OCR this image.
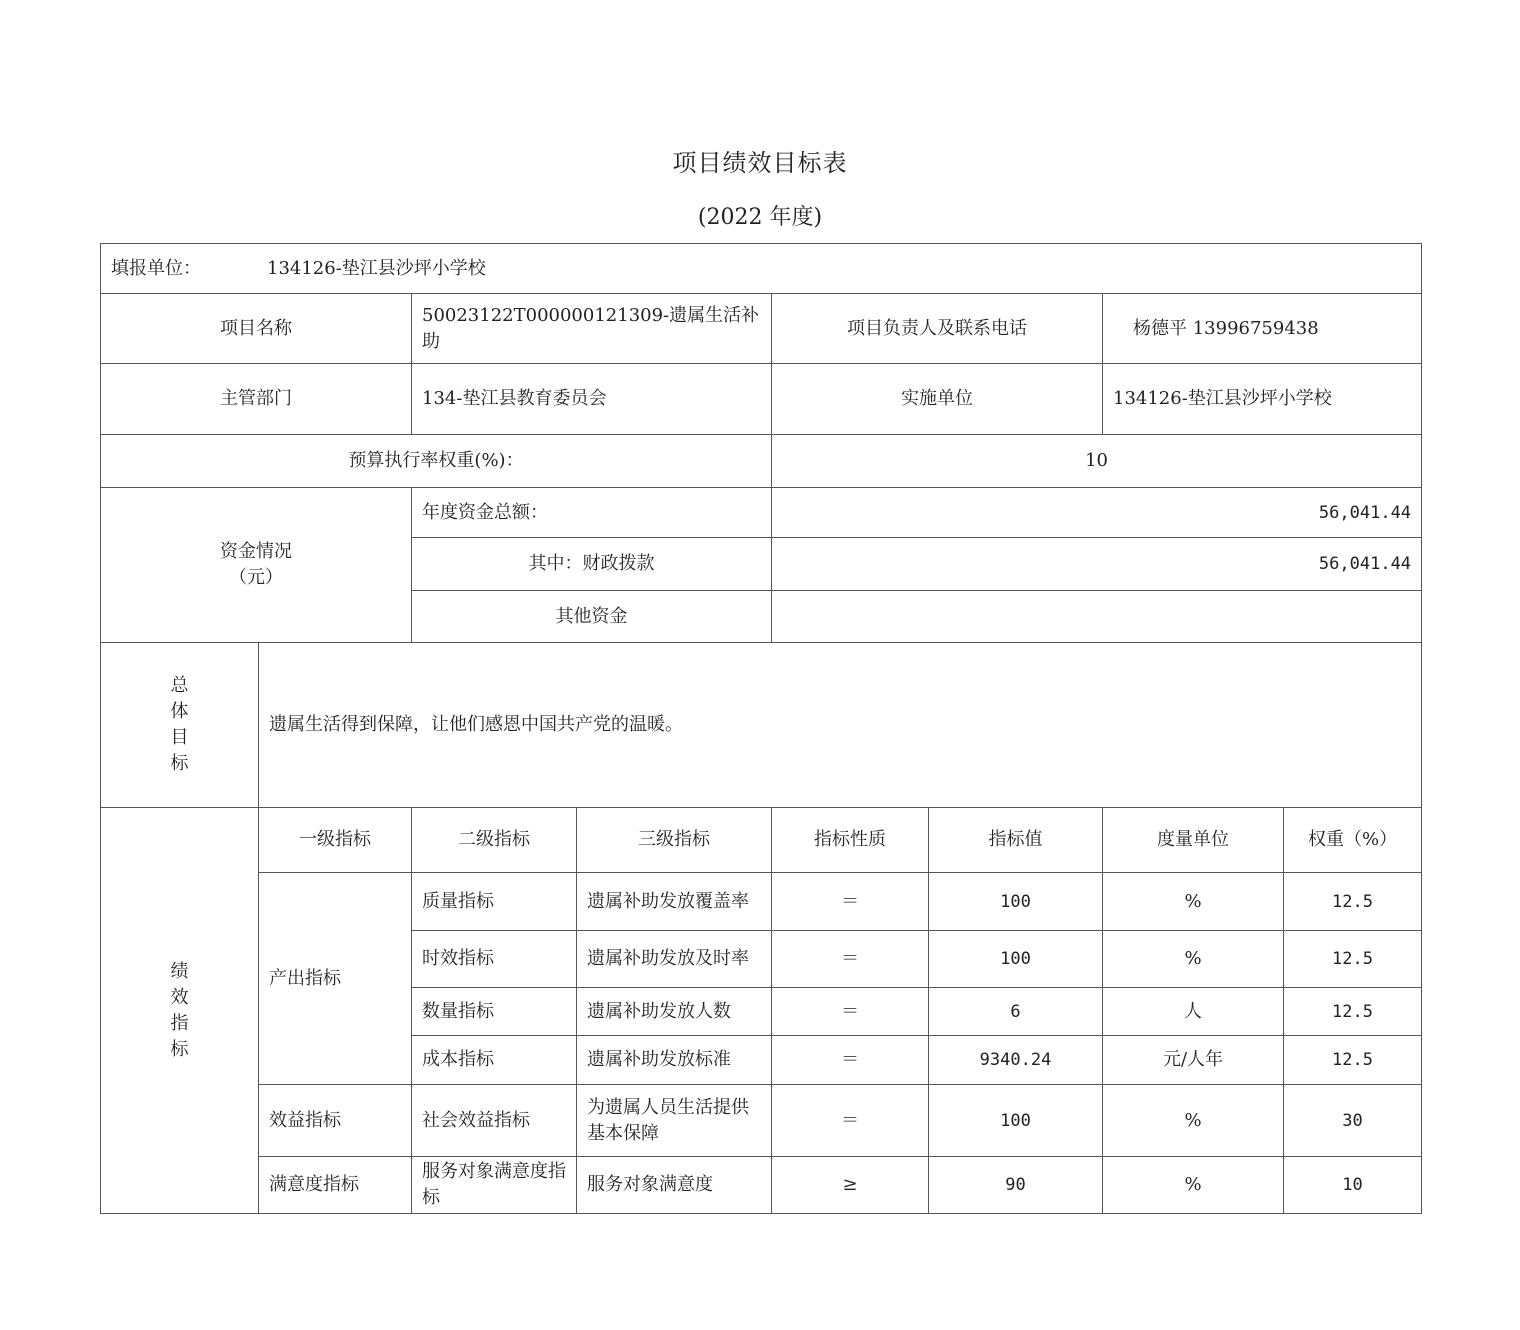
项目绩效目标表
(2022 年度)
填报单位： 134126-垫江县沙坪小学校							
项目名称		50023122T000000121309-遗属生活补助		项目负责人及联系电话		杨德平 13996759438	
主管部门		134-垫江县教育委员会		实施单位		134126-垫江县沙坪小学校	
预算执行率权重(%)：				10			

资金情况
（元）		年度资金总额：		56,041.44			
		其中：财政拨款		56,041.44			
		其他资金					

总
体
目
标	遗属生活得到保障，让他们感恩中国共产党的温暖。						

绩
效
指
标	一级指标	二级指标	三级指标	指标性质	指标值	度量单位	权重（%）
	产出指标	质量指标	遗属补助发放覆盖率	＝	100	%	12.5
		时效指标	遗属补助发放及时率	＝	100	%	12.5
		数量指标	遗属补助发放人数	＝	6	人	12.5
		成本指标	遗属补助发放标准	＝	9340.24	元/人年	12.5
	效益指标	社会效益指标	为遗属人员生活提供基本保障	＝	100	%	30
	满意度指标	服务对象满意度指标	服务对象满意度	≥	90	%	10
